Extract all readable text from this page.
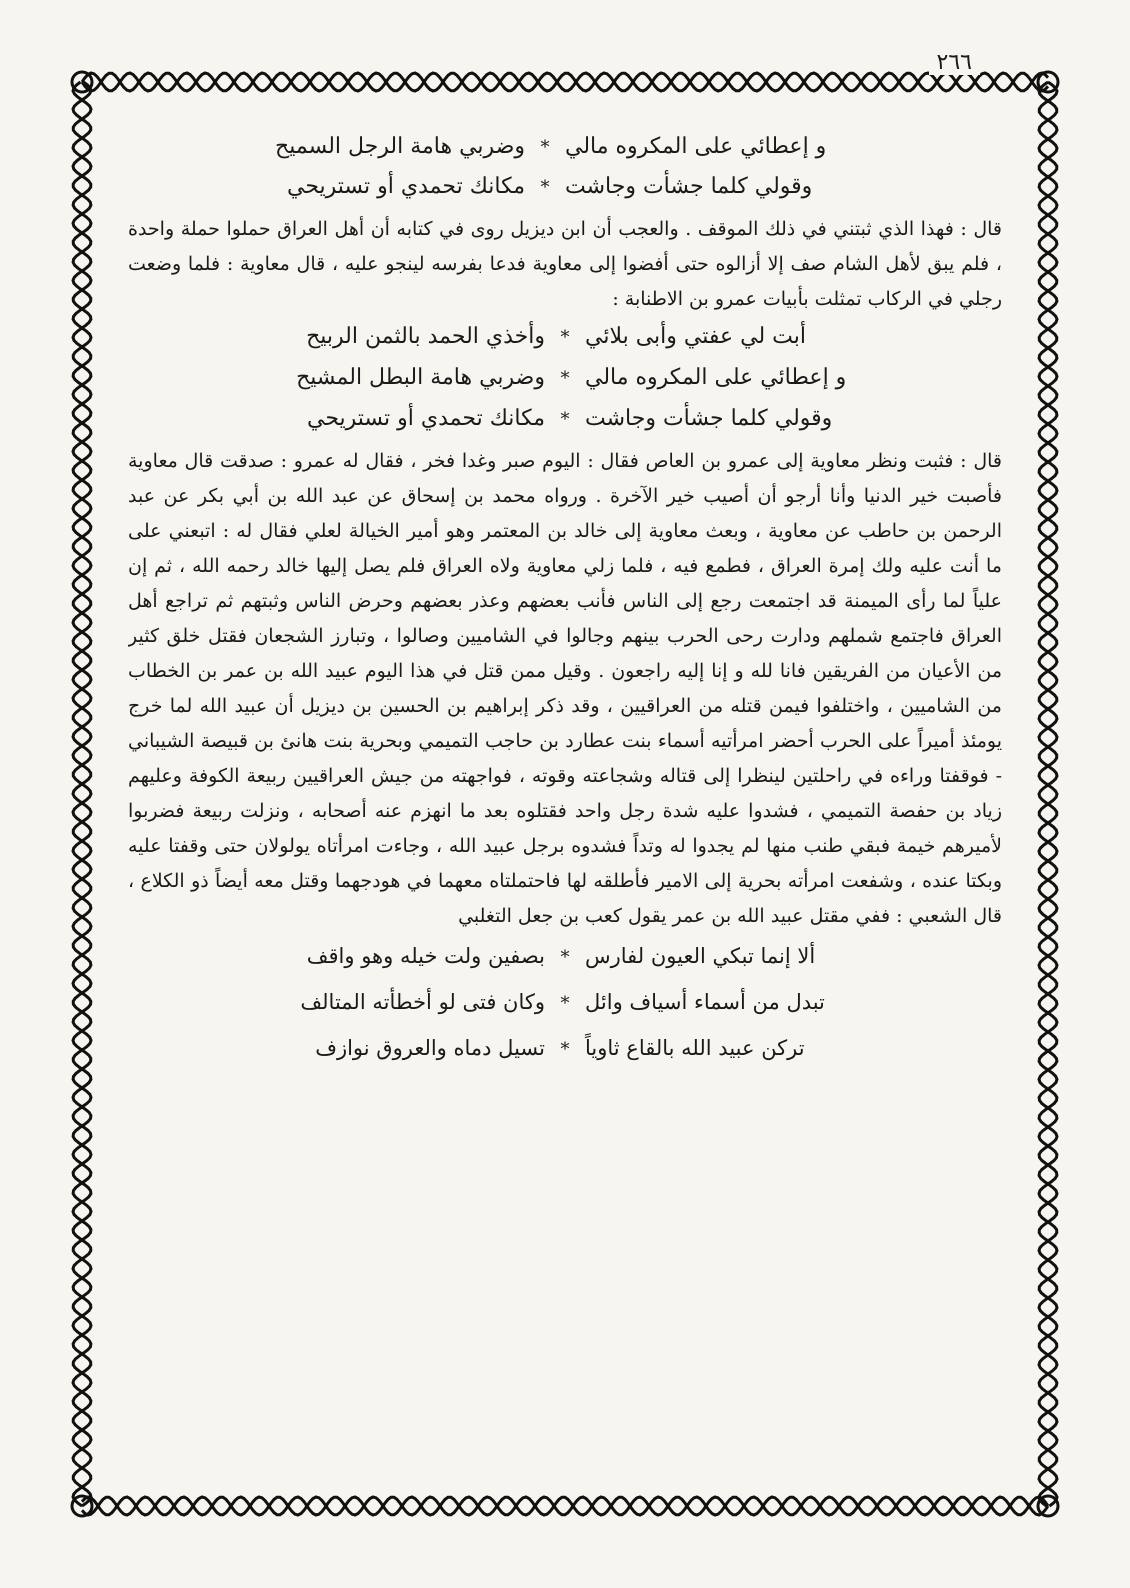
٢٦٦
و إعطائي على المكروه مالي
*
وضربي هامة الرجل السميح
وقولي كلما جشأت وجاشت
*
مكانك تحمدي أو تستريحي

قال : فهذا الذي ثبتني في ذلك الموقف . والعجب أن ابن ديزيل روى في كتابه أن أهل العراق حملوا حملة واحدة ، فلم يبق لأهل الشام صف إلا أزالوه حتى أفضوا إلى معاوية فدعا بفرسه لينجو عليه ، قال معاوية : فلما وضعت رجلي في الركاب تمثلت بأبيات عمرو بن الاطنابة :

أبت لي عفتي وأبى بلائي
*
وأخذي الحمد بالثمن الربيح
و إعطائي على المكروه مالي
*
وضربي هامة البطل المشيح
وقولي كلما جشأت وجاشت
*
مكانك تحمدي أو تستريحي

قال : فثبت ونظر معاوية إلى عمرو بن العاص فقال : اليوم صبر وغدا فخر ، فقال له عمرو : صدقت قال معاوية فأصبت خير الدنيا وأنا أرجو أن أصيب خير الآخرة . ورواه محمد بن إسحاق عن عبد الله بن أبي بكر عن عبد الرحمن بن حاطب عن معاوية ، وبعث معاوية إلى خالد بن المعتمر وهو أمير الخيالة لعلي فقال له : اتبعني على ما أنت عليه ولك إمرة العراق ، فطمع فيه ، فلما زلي معاوية ولاه العراق فلم يصل إليها خالد رحمه الله ، ثم إن علياً لما رأى الميمنة قد اجتمعت رجع إلى الناس فأنب بعضهم وعذر بعضهم وحرض الناس وثبتهم ثم تراجع أهل العراق فاجتمع شملهم ودارت رحى الحرب بينهم وجالوا في الشاميين وصالوا ، وتبارز الشجعان فقتل خلق كثير من الأعيان من الفريقين فانا لله و إنا إليه راجعون . وقيل ممن قتل في هذا اليوم عبيد الله بن عمر بن الخطاب من الشاميين ، واختلفوا فيمن قتله من العراقيين ، وقد ذكر إبراهيم بن الحسين بن ديزيل أن عبيد الله لما خرج يومئذ أميراً على الحرب أحضر امرأتيه أسماء بنت عطارد بن حاجب التميمي وبحرية بنت هانئ بن قبيصة الشيباني - فوقفتا وراءه في راحلتين لينظرا إلى قتاله وشجاعته وقوته ، فواجهته من جيش العراقيين ربيعة الكوفة وعليهم زياد بن حفصة التميمي ، فشدوا عليه شدة رجل واحد فقتلوه بعد ما انهزم عنه أصحابه ، ونزلت ربيعة فضربوا لأميرهم خيمة فبقي طنب منها لم يجدوا له وتداً فشدوه برجل عبيد الله ، وجاءت امرأتاه يولولان حتى وقفتا عليه وبكتا عنده ، وشفعت امرأته بحرية إلى الامير فأطلقه لها فاحتملتاه معهما في هودجهما وقتل معه أيضاً ذو الكلاع ، قال الشعبي : ففي مقتل عبيد الله بن عمر يقول كعب بن جعل التغلبي

ألا إنما تبكي العيون لفارس
*
بصفين ولت خيله وهو واقف
تبدل من أسماء أسياف وائل
*
وكان فتى لو أخطأته المتالف
تركن عبيد الله بالقاع ثاوياً
*
تسيل دماه والعروق نوازف
